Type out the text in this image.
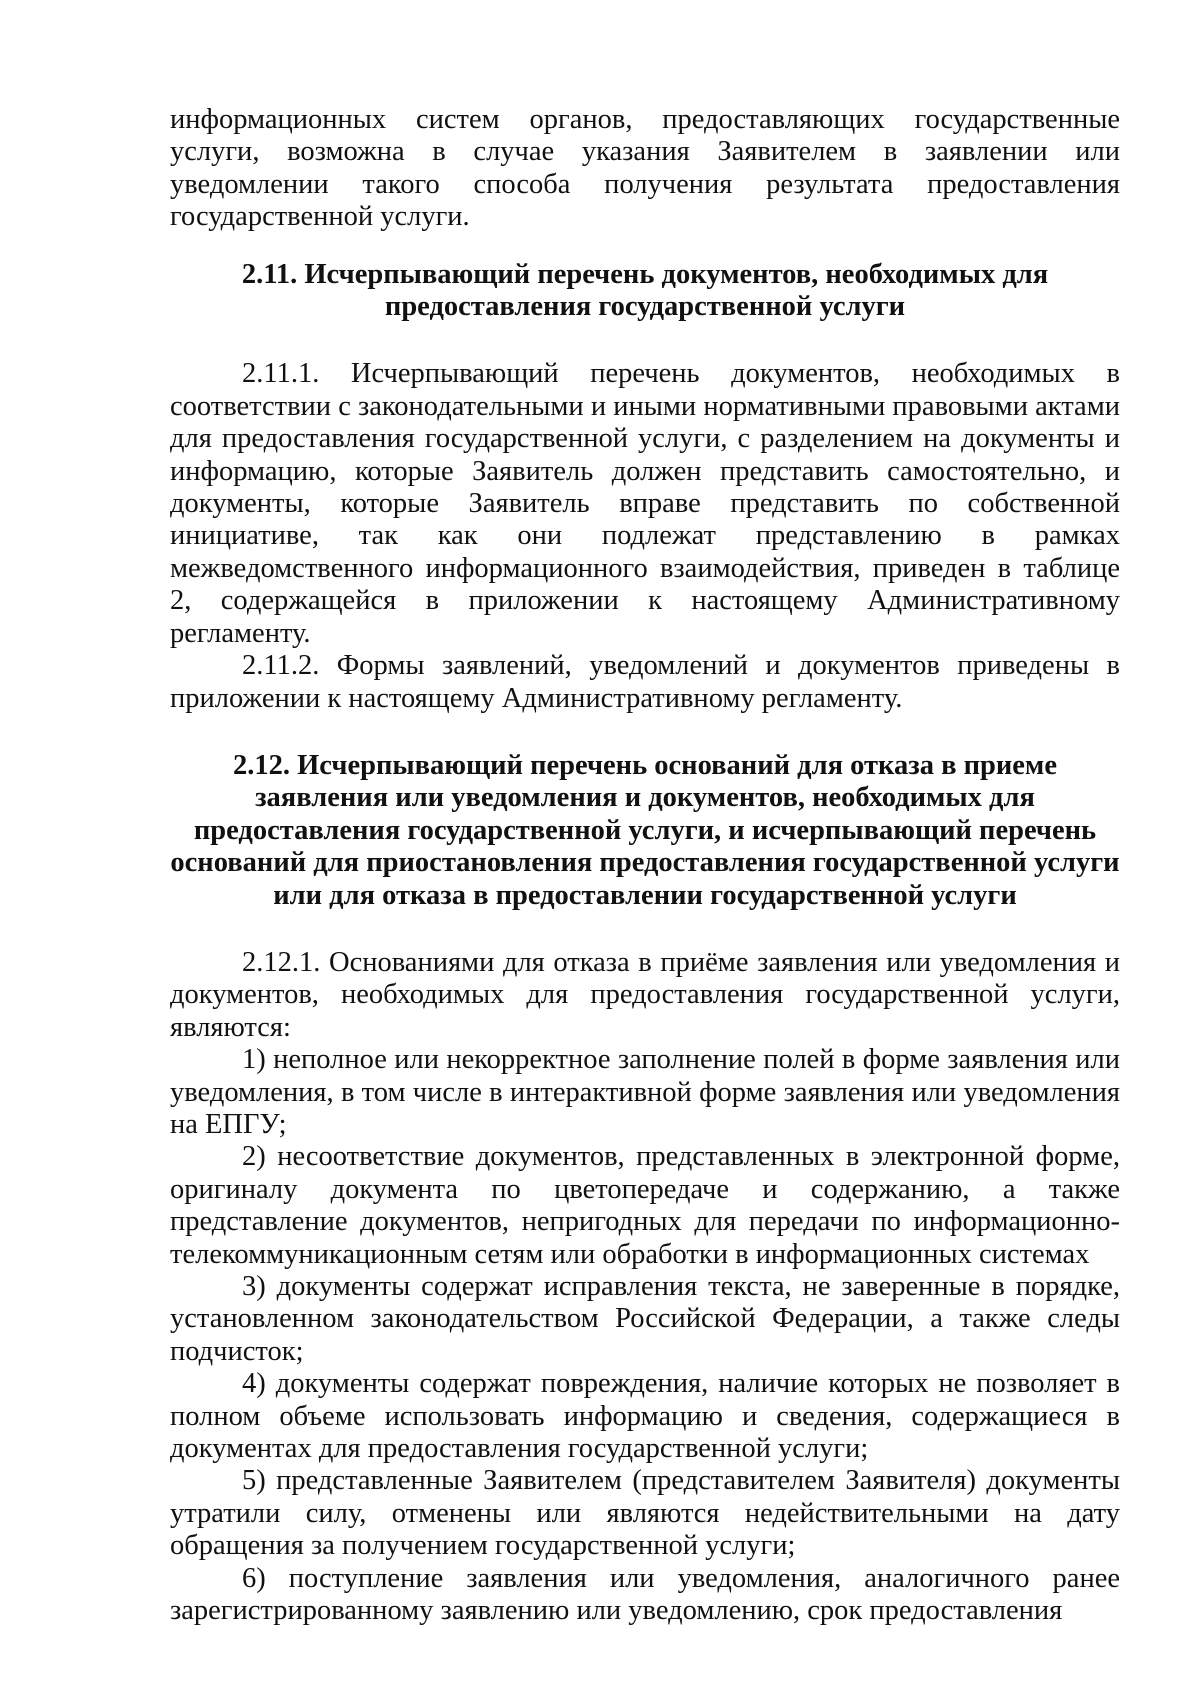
информационных систем органов, предоставляющих государственные услуги, возможна в случае указания Заявителем в заявлении или уведомлении такого способа получения результата предоставления государственной услуги.

2.11. Исчерпывающий перечень документов, необходимых для предоставления государственной услуги

2.11.1. Исчерпывающий перечень документов, необходимых в соответствии с законодательными и иными нормативными правовыми актами для предоставления государственной услуги, с разделением на документы и информацию, которые Заявитель должен представить самостоятельно, и документы, которые Заявитель вправе представить по собственной инициативе, так как они подлежат представлению в рамках межведомственного информационного взаимодействия, приведен в таблице 2, содержащейся в приложении к настоящему Административному регламенту.

2.11.2. Формы заявлений, уведомлений и документов приведены в приложении к настоящему Административному регламенту.

2.12. Исчерпывающий перечень оснований для отказа в приеме заявления или уведомления и документов, необходимых для предоставления государственной услуги, и исчерпывающий перечень оснований для приостановления предоставления государственной услуги или для отказа в предоставлении государственной услуги

2.12.1. Основаниями для отказа в приёме заявления или уведомления и документов, необходимых для предоставления государственной услуги, являются:

1) неполное или некорректное заполнение полей в форме заявления или уведомления, в том числе в интерактивной форме заявления или уведомления на ЕПГУ;

2) несоответствие документов, представленных в электронной форме, оригиналу документа по цветопередаче и содержанию, а также представление документов, непригодных для передачи по информационно-телекоммуникационным сетям или обработки в информационных системах

3) документы содержат исправления текста, не заверенные в порядке, установленном законодательством Российской Федерации, а также следы подчисток;

4) документы содержат повреждения, наличие которых не позволяет в полном объеме использовать информацию и сведения, содержащиеся в документах для предоставления государственной услуги;

5) представленные Заявителем (представителем Заявителя) документы утратили силу, отменены или являются недействительными на дату обращения за получением государственной услуги;

6) поступление заявления или уведомления, аналогичного ранее зарегистрированному заявлению или уведомлению, срок предоставления
